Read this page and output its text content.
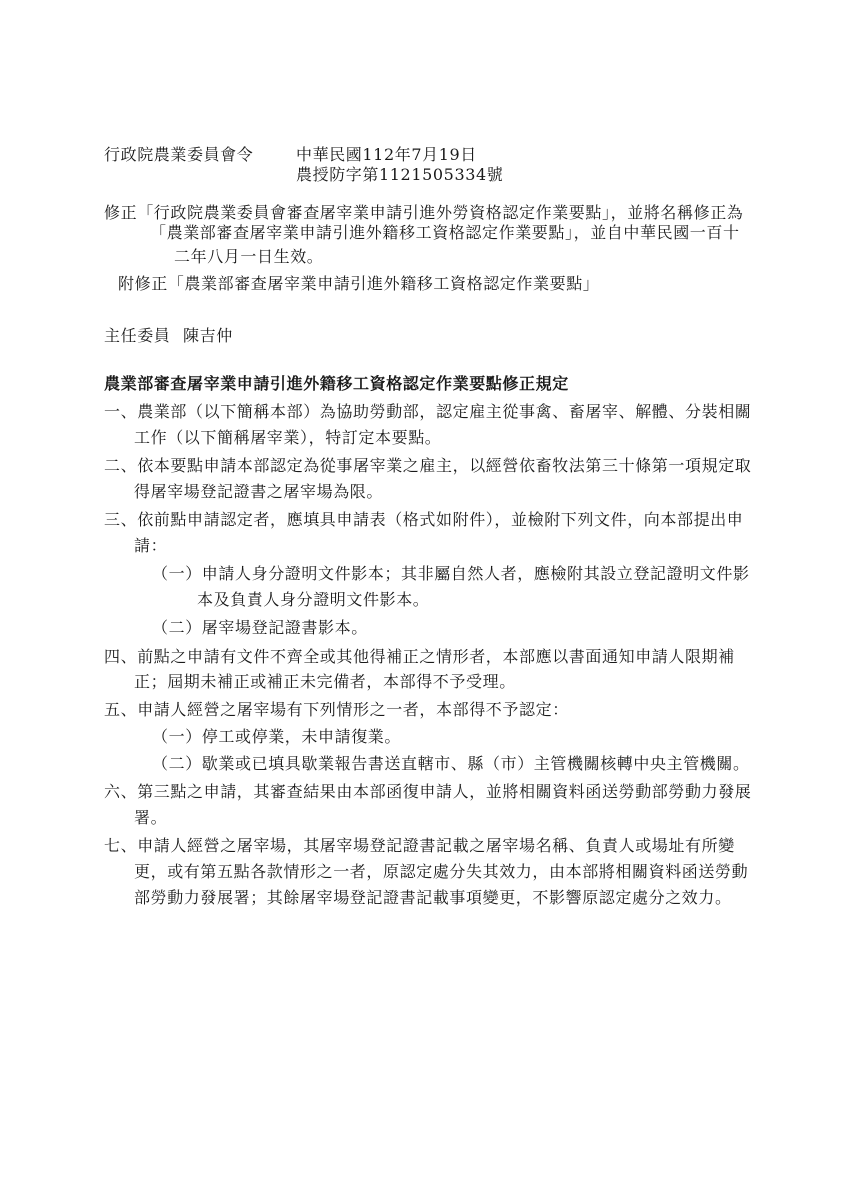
行政院農業委員會令	中華民國112年7月19日
農授防字第1121505334號
修正「行政院農業委員會審查屠宰業申請引進外勞資格認定作業要點」，並將名稱修正為
「農業部審查屠宰業申請引進外籍移工資格認定作業要點」，並自中華民國一百十
二年八月一日生效。
附修正「農業部審查屠宰業申請引進外籍移工資格認定作業要點」
主任委員 陳吉仲
農業部審查屠宰業申請引進外籍移工資格認定作業要點修正規定
一、農業部（以下簡稱本部）為協助勞動部，認定雇主從事禽、畜屠宰、解體、分裝相關
工作（以下簡稱屠宰業），特訂定本要點。
二、依本要點申請本部認定為從事屠宰業之雇主，以經營依畜牧法第三十條第一項規定取
得屠宰場登記證書之屠宰場為限。
三、依前點申請認定者，應填具申請表（格式如附件），並檢附下列文件，向本部提出申
請：
（一）申請人身分證明文件影本；其非屬自然人者，應檢附其設立登記證明文件影
本及負責人身分證明文件影本。
（二）屠宰場登記證書影本。
四、前點之申請有文件不齊全或其他得補正之情形者，本部應以書面通知申請人限期補
正；屆期未補正或補正未完備者，本部得不予受理。
五、申請人經營之屠宰場有下列情形之一者，本部得不予認定：
（一）停工或停業，未申請復業。
（二）歇業或已填具歇業報告書送直轄市、縣（市）主管機關核轉中央主管機關。
六、第三點之申請，其審查結果由本部函復申請人，並將相關資料函送勞動部勞動力發展
署。
七、申請人經營之屠宰場，其屠宰場登記證書記載之屠宰場名稱、負責人或場址有所變
更，或有第五點各款情形之一者，原認定處分失其效力，由本部將相關資料函送勞動
部勞動力發展署；其餘屠宰場登記證書記載事項變更，不影響原認定處分之效力。
